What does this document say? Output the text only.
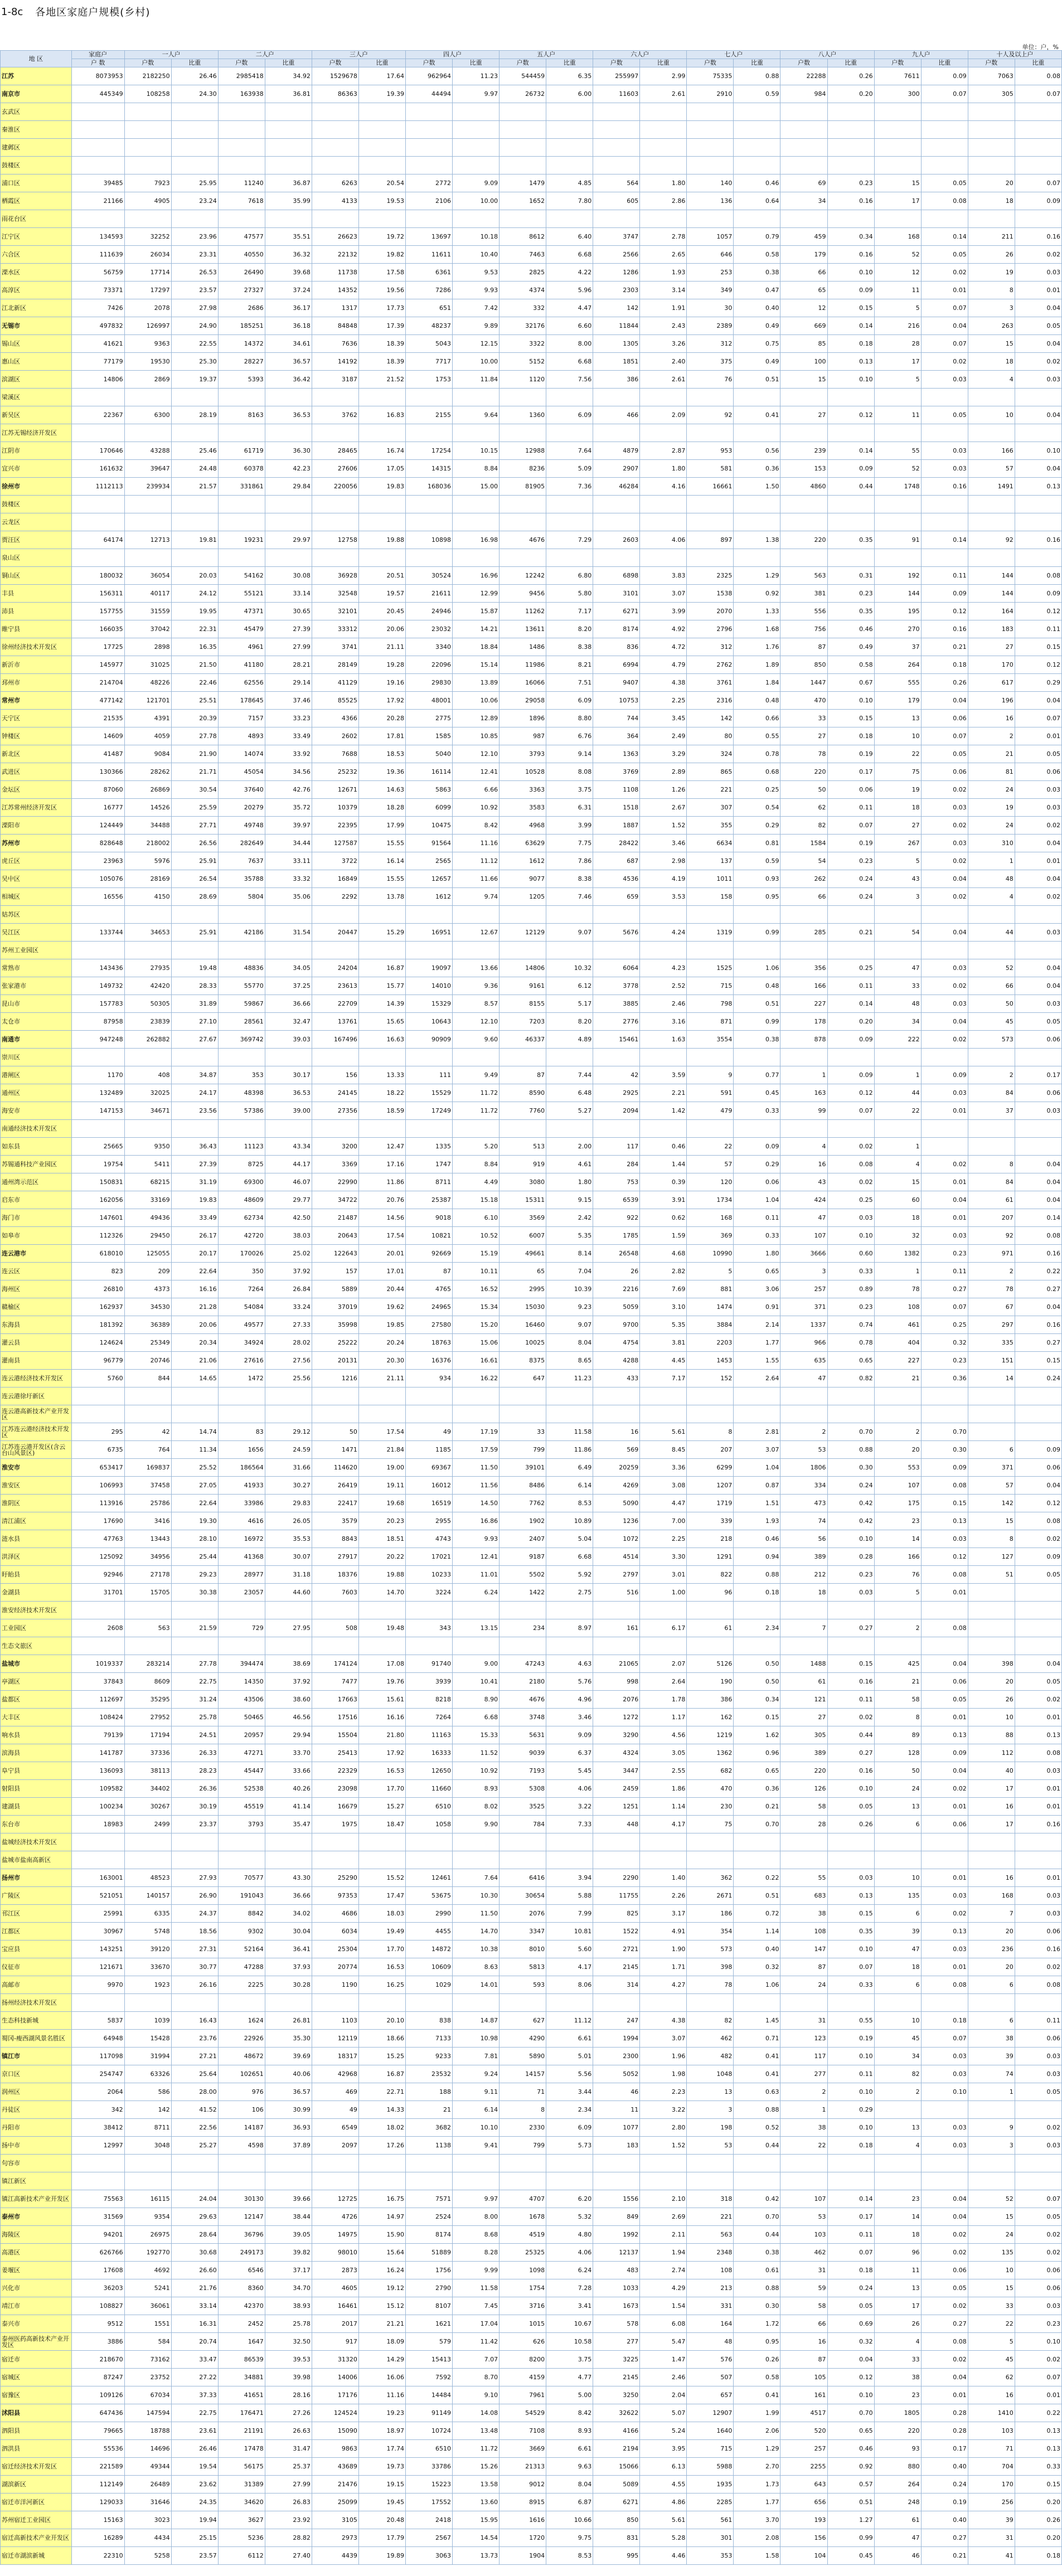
1-8c 各地区家庭户规模(乡村)
单位：户，%
地 区	家庭户	一人户		二人户		三人户		四人户		五人户		六人户		七人户		八人户		九人户		十人及以上户	
	户 数	户数	比重	户数	比重	户数	比重	户数	比重	户数	比重	户数	比重	户数	比重	户数	比重	户数	比重	户数	比重
江苏	8073953	2182250	26.46	2985418	34.92	1529678	17.64	962964	11.23	544459	6.35	255997	2.99	75335	0.88	22288	0.26	7611	0.09	7063	0.08
南京市	445349	108258	24.30	163938	36.81	86363	19.39	44494	9.97	26732	6.00	11603	2.61	2910	0.59	984	0.20	300	0.07	305	0.07
玄武区																					
秦淮区																					
建邺区																					
鼓楼区																					
浦口区	39485	7923	25.95	11240	36.87	6263	20.54	2772	9.09	1479	4.85	564	1.80	140	0.46	69	0.23	15	0.05	20	0.07
栖霞区	21166	4905	23.24	7618	35.99	4133	19.53	2106	10.00	1652	7.80	605	2.86	136	0.64	34	0.16	17	0.08	18	0.09
雨花台区																					
江宁区	134593	32252	23.96	47577	35.51	26623	19.72	13697	10.18	8612	6.40	3747	2.78	1057	0.79	459	0.34	168	0.14	211	0.16
六合区	111639	26034	23.31	40550	36.32	22132	19.82	11611	10.40	7463	6.68	2566	2.65	646	0.58	179	0.16	52	0.05	26	0.02
溧水区	56759	17714	26.53	26490	39.68	11738	17.58	6361	9.53	2825	4.22	1286	1.93	253	0.38	66	0.10	12	0.02	19	0.03
高淳区	73371	17297	23.57	27327	37.24	14352	19.56	7286	9.93	4374	5.96	2303	3.14	349	0.47	65	0.09	11	0.01	8	0.01
江北新区	7426	2078	27.98	2686	36.17	1317	17.73	651	7.42	332	4.47	142	1.91	30	0.40	12	0.15	5	0.07	3	0.04
无锡市	497832	126997	24.90	185251	36.18	84848	17.39	48237	9.89	32176	6.60	11844	2.43	2389	0.49	669	0.14	216	0.04	263	0.05
锡山区	41621	9363	22.55	14372	34.61	7636	18.39	5043	12.15	3322	8.00	1305	3.26	312	0.75	85	0.18	28	0.07	15	0.04
惠山区	77179	19530	25.30	28227	36.57	14192	18.39	7717	10.00	5152	6.68	1851	2.40	375	0.49	100	0.13	17	0.02	18	0.02
滨湖区	14806	2869	19.37	5393	36.42	3187	21.52	1753	11.84	1120	7.56	386	2.61	76	0.51	15	0.10	5	0.03	4	0.03
梁溪区																					
新吴区	22367	6300	28.19	8163	36.53	3762	16.83	2155	9.64	1360	6.09	466	2.09	92	0.41	27	0.12	11	0.05	10	0.04
江苏无锡经济开发区																					
江阴市	170646	43288	25.46	61719	36.30	28465	16.74	17254	10.15	12988	7.64	4879	2.87	953	0.56	239	0.14	55	0.03	166	0.10
宜兴市	161632	39647	24.48	60378	42.23	27606	17.05	14315	8.84	8236	5.09	2907	1.80	581	0.36	153	0.09	52	0.03	57	0.04
徐州市	1112113	239934	21.57	331861	29.84	220056	19.83	168036	15.00	81905	7.36	46284	4.16	16661	1.50	4860	0.44	1748	0.16	1491	0.13
鼓楼区																					
云龙区																					
贾汪区	64174	12713	19.81	19231	29.97	12758	19.88	10898	16.98	4676	7.29	2603	4.06	897	1.38	220	0.35	91	0.14	92	0.16
泉山区																					
铜山区	180032	36054	20.03	54162	30.08	36928	20.51	30524	16.96	12242	6.80	6898	3.83	2325	1.29	563	0.31	192	0.11	144	0.08
丰县	156311	40117	24.12	55121	33.14	32548	19.57	21611	12.99	9456	5.80	3101	3.07	1538	0.92	381	0.23	144	0.09	144	0.09
沛县	157755	31559	19.95	47371	30.65	32101	20.45	24946	15.87	11262	7.17	6271	3.99	2070	1.33	556	0.35	195	0.12	164	0.12
睢宁县	166035	37042	22.31	45479	27.39	33312	20.06	23032	14.21	13611	8.20	8174	4.92	2796	1.68	756	0.46	270	0.16	183	0.11
徐州经济技术开发区	17725	2898	16.35	4961	27.99	3741	21.11	3340	18.84	1486	8.38	836	4.72	312	1.76	87	0.49	37	0.21	27	0.15
新沂市	145977	31025	21.50	41180	28.21	28149	19.28	22096	15.14	11986	8.21	6994	4.79	2762	1.89	850	0.58	264	0.18	170	0.12
邳州市	214704	48226	22.46	62556	29.14	41129	19.16	29830	13.89	16066	7.51	9407	4.38	3761	1.84	1447	0.67	555	0.26	617	0.29
常州市	477142	121701	25.51	178645	37.46	85525	17.92	48001	10.06	29058	6.09	10753	2.25	2316	0.48	470	0.10	179	0.04	196	0.04
天宁区	21535	4391	20.39	7157	33.23	4366	20.28	2775	12.89	1896	8.80	744	3.45	142	0.66	33	0.15	13	0.06	16	0.07
钟楼区	14609	4059	27.78	4893	33.49	2602	17.81	1585	10.85	987	6.76	364	2.49	80	0.55	27	0.18	10	0.07	2	0.01
新北区	41487	9084	21.90	14074	33.92	7688	18.53	5040	12.10	3793	9.14	1363	3.29	324	0.78	78	0.19	22	0.05	21	0.05
武进区	130366	28262	21.71	45054	34.56	25232	19.36	16114	12.41	10528	8.08	3769	2.89	865	0.68	220	0.17	75	0.06	81	0.06
金坛区	87060	26869	30.54	37640	42.76	12671	14.63	5863	6.66	3363	3.75	1108	1.26	221	0.25	50	0.06	19	0.02	24	0.03
江苏常州经济开发区	16777	14526	25.59	20279	35.72	10379	18.28	6099	10.92	3583	6.31	1518	2.67	307	0.54	62	0.11	18	0.03	19	0.03
溧阳市	124449	34488	27.71	49748	39.97	22395	17.99	10475	8.42	4968	3.99	1887	1.52	355	0.29	82	0.07	27	0.02	24	0.02
苏州市	828648	218002	26.56	282649	34.44	127587	15.55	91564	11.16	63629	7.75	28422	3.46	6634	0.81	1584	0.19	267	0.03	310	0.04
虎丘区	23963	5976	25.91	7637	33.11	3722	16.14	2565	11.12	1612	7.86	687	2.98	137	0.59	54	0.23	5	0.02	1	0.01
吴中区	105076	28169	26.54	35788	33.32	16849	15.55	12657	11.66	9077	8.38	4536	4.19	1011	0.93	262	0.24	43	0.04	48	0.04
相城区	16556	4150	28.69	5804	35.06	2292	13.78	1612	9.74	1205	7.46	659	3.53	158	0.95	66	0.24	3	0.02	4	0.02
姑苏区																					
吴江区	133744	34653	25.91	42186	31.54	20447	15.29	16951	12.67	12129	9.07	5676	4.24	1319	0.99	285	0.21	54	0.04	44	0.03
苏州工业园区																					
常熟市	143436	27935	19.48	48836	34.05	24204	16.87	19097	13.66	14806	10.32	6064	4.23	1525	1.06	356	0.25	47	0.03	52	0.04
张家港市	149732	42420	28.33	55770	37.25	23613	15.77	14010	9.36	9161	6.12	3778	2.52	715	0.48	166	0.11	33	0.02	66	0.04
昆山市	157783	50305	31.89	59867	36.66	22709	14.39	15329	8.57	8155	5.17	3885	2.46	798	0.51	227	0.14	48	0.03	50	0.03
太仓市	87958	23839	27.10	28561	32.47	13761	15.65	10643	12.10	7203	8.20	2776	3.16	871	0.99	178	0.20	34	0.04	45	0.05
南通市	947248	262882	27.67	369742	39.03	167496	16.63	90909	9.60	46337	4.89	15461	1.63	3554	0.38	878	0.09	222	0.02	573	0.06
崇川区																					
港闸区	1170	408	34.87	353	30.17	156	13.33	111	9.49	87	7.44	42	3.59	9	0.77	1	0.09	1	0.09	2	0.17
通州区	132489	32025	24.17	48398	36.53	24145	18.22	15529	11.72	8590	6.48	2925	2.21	591	0.45	163	0.12	44	0.03	84	0.06
海安市	147153	34671	23.56	57386	39.00	27356	18.59	17249	11.72	7760	5.27	2094	1.42	479	0.33	99	0.07	22	0.01	37	0.03
南通经济技术开发区																					
如东县	25665	9350	36.43	11123	43.34	3200	12.47	1335	5.20	513	2.00	117	0.46	22	0.09	4	0.02	1			
苏锡通科技产业园区	19754	5411	27.39	8725	44.17	3369	17.16	1747	8.84	919	4.61	284	1.44	57	0.29	16	0.08	4	0.02	8	0.04
通州湾示范区	150831	68215	31.19	69300	46.07	22990	11.86	8711	4.49	3080	1.80	753	0.39	120	0.06	43	0.02	15	0.01	84	0.04
启东市	162056	33169	19.83	48609	29.77	34722	20.76	25387	15.18	15311	9.15	6539	3.91	1734	1.04	424	0.25	60	0.04	61	0.04
海门市	147601	49436	33.49	62734	42.50	21487	14.56	9018	6.10	3569	2.42	922	0.62	168	0.11	47	0.03	18	0.01	207	0.14
如皋市	112326	29450	26.17	42720	38.03	20643	17.54	10821	10.52	6007	5.35	1785	1.59	369	0.33	107	0.10	32	0.03	92	0.08
连云港市	618010	125055	20.17	170026	25.02	122643	20.01	92669	15.19	49661	8.14	26548	4.68	10990	1.80	3666	0.60	1382	0.23	971	0.16
连云区	823	209	22.64	350	37.92	157	17.01	87	10.11	65	7.04	26	2.82	5	0.65	3	0.33	1	0.11	2	0.22
海州区	26810	4373	16.16	7264	26.84	5889	20.44	4765	16.52	2995	10.39	2216	7.69	881	3.06	257	0.89	78	0.27	78	0.27
赣榆区	162937	34530	21.28	54084	33.24	37019	19.62	24965	15.34	15030	9.23	5059	3.10	1474	0.91	371	0.23	108	0.07	67	0.04
东海县	181392	36389	20.06	49577	27.33	35998	19.85	27580	15.20	16460	9.07	9700	5.35	3884	2.14	1337	0.74	461	0.25	297	0.16
灌云县	124624	25349	20.34	34924	28.02	25222	20.24	18763	15.06	10025	8.04	4754	3.81	2203	1.77	966	0.78	404	0.32	335	0.27
灌南县	96779	20746	21.06	27616	27.56	20131	20.30	16376	16.61	8375	8.65	4288	4.45	1453	1.55	635	0.65	227	0.23	151	0.15
连云港经济技术开发区	5760	844	14.65	1472	25.56	1216	21.11	934	16.22	647	11.23	433	7.17	152	2.64	47	0.82	21	0.36	14	0.24
连云港徐圩新区																					
连云港高新技术产业开发区																					
江苏连云港经济技术开发区	295	42	14.74	83	29.12	50	17.54	49	17.19	33	11.58	16	5.61	8	2.81	2	0.70	2	0.70		
江苏连云港开发区(含云台山风景区)	6735	764	11.34	1656	24.59	1471	21.84	1185	17.59	799	11.86	569	8.45	207	3.07	53	0.88	20	0.30	6	0.09
淮安市	653417	169837	25.52	186564	31.66	114620	19.00	69367	11.50	39101	6.49	20259	3.36	6299	1.04	1806	0.30	553	0.09	371	0.06
淮安区	106993	37458	27.05	41933	30.27	26419	19.11	16012	11.56	8486	6.14	4269	3.08	1207	0.87	334	0.24	107	0.08	57	0.04
淮阴区	113916	25786	22.64	33986	29.83	22417	19.68	16519	14.50	7762	8.53	5090	4.47	1719	1.51	473	0.42	175	0.15	142	0.12
清江浦区	17690	3416	19.30	4616	26.05	3579	20.23	2955	16.86	1902	10.89	1236	7.00	339	1.93	74	0.42	23	0.13	15	0.08
涟水县	47763	13443	28.10	16972	35.53	8843	18.51	4743	9.93	2407	5.04	1072	2.25	218	0.46	56	0.10	14	0.03	8	0.02
洪泽区	125092	34956	25.44	41368	30.07	27917	20.22	17021	12.41	9187	6.68	4514	3.30	1291	0.94	389	0.28	166	0.12	127	0.09
盱眙县	92946	27178	29.23	28977	31.18	18376	19.88	10233	11.01	5502	5.92	2797	3.01	822	0.88	212	0.23	76	0.08	51	0.05
金湖县	31701	15705	30.38	23057	44.60	7603	14.70	3224	6.24	1422	2.75	516	1.00	96	0.18	18	0.03	5	0.01		
淮安经济技术开发区																					
工业园区	2608	563	21.59	729	27.95	508	19.48	343	13.15	234	8.97	161	6.17	61	2.34	7	0.27	2	0.08		
生态文旅区																					
盐城市	1019337	283214	27.78	394474	38.69	174124	17.08	91740	9.00	47243	4.63	21065	2.07	5126	0.50	1488	0.15	425	0.04	398	0.04
亭湖区	37843	8609	22.75	14350	37.92	7477	19.76	3939	10.41	2180	5.76	998	2.64	190	0.50	61	0.16	21	0.06	20	0.05
盐都区	112697	35295	31.24	43506	38.60	17663	15.61	8218	8.90	4676	4.96	2076	1.78	386	0.34	121	0.11	58	0.05	26	0.02
大丰区	108424	27952	25.78	50465	46.56	17516	16.16	7264	6.68	3748	3.46	1272	1.17	162	0.15	27	0.02	8	0.01	10	0.01
响水县	79139	17194	24.51	20957	29.94	15504	21.80	11163	15.33	5631	9.09	3290	4.56	1219	1.62	305	0.44	89	0.13	88	0.13
滨海县	141787	37336	26.33	47271	33.70	25413	17.92	16333	11.52	9039	6.37	4324	3.05	1362	0.96	389	0.27	128	0.09	112	0.08
阜宁县	136093	38113	28.23	45447	33.66	22329	16.53	12650	10.92	7193	5.45	3447	2.55	682	0.65	220	0.16	50	0.04	40	0.03
射阳县	109582	34402	26.36	52538	40.26	23098	17.70	11660	8.93	5308	4.06	2459	1.86	470	0.36	126	0.10	24	0.02	17	0.01
建湖县	100234	30267	30.19	45519	41.14	16679	15.27	6510	8.02	3525	3.22	1251	1.14	230	0.21	58	0.05	13	0.01	16	0.01
东台市	18983	2499	23.37	3793	35.47	1975	18.47	1058	9.90	784	7.33	448	4.17	75	0.70	28	0.26	6	0.06	17	0.16
盐城经济技术开发区																					
盐城市盐南高新区																					
扬州市	163001	48523	27.93	70577	43.30	25290	15.52	12461	7.64	6416	3.94	2290	1.40	362	0.22	55	0.03	10	0.01	16	0.01
广陵区	521051	140157	26.90	191043	36.66	97353	17.47	53675	10.30	30654	5.88	11755	2.26	2671	0.51	683	0.13	135	0.03	168	0.03
邗江区	25991	6335	24.37	8842	34.02	4686	18.03	2990	11.50	2076	7.99	825	3.17	186	0.72	38	0.15	6	0.02	7	0.03
江都区	30967	5748	18.56	9302	30.04	6034	19.49	4455	14.70	3347	10.81	1522	4.91	354	1.14	108	0.35	39	0.13	20	0.06
宝应县	143251	39120	27.31	52164	36.41	25304	17.70	14872	10.38	8010	5.60	2721	1.90	573	0.40	147	0.10	47	0.03	236	0.16
仪征市	121671	33670	30.77	47288	37.93	20774	16.53	10609	8.63	5813	4.17	2145	1.71	398	0.32	87	0.07	18	0.01	20	0.02
高邮市	9970	1923	26.16	2225	30.28	1190	16.25	1029	14.01	593	8.06	314	4.27	78	1.06	24	0.33	6	0.08	6	0.08
扬州经济技术开发区																					
生态科技新城	5837	1039	16.43	1624	26.81	1103	20.10	838	14.87	627	11.12	247	4.38	82	1.45	31	0.55	10	0.18	6	0.11
蜀冈-瘦西湖风景名胜区	64948	15428	23.76	22926	35.30	12119	18.66	7133	10.98	4290	6.61	1994	3.07	462	0.71	123	0.19	45	0.07	38	0.06
镇江市	117098	31994	27.21	48672	39.69	18317	15.25	9233	7.81	5890	5.01	2300	1.96	482	0.41	117	0.10	34	0.03	39	0.03
京口区	254747	63326	25.64	102651	40.06	42968	16.87	23532	9.24	14157	5.56	5052	1.98	1048	0.41	277	0.11	82	0.03	74	0.03
润州区	2064	586	28.00	976	36.57	469	22.71	188	9.11	71	3.44	46	2.23	13	0.63	2	0.10	2	0.10	1	0.05
丹徒区	342	142	41.52	106	30.99	49	14.33	21	6.14	8	2.34	11	3.22	3	0.88	1	0.29				
丹阳市	38412	8711	22.56	14187	36.93	6549	18.02	3682	10.10	2330	6.09	1077	2.80	198	0.52	38	0.10	13	0.03	9	0.02
扬中市	12997	3048	25.27	4598	37.89	2097	17.26	1138	9.41	799	5.73	183	1.52	53	0.44	22	0.18	4	0.03	3	0.03
句容市																					
镇江新区																					
镇江高新技术产业开发区	75563	16115	24.04	30130	39.66	12725	16.75	7571	9.97	4707	6.20	1556	2.10	318	0.42	107	0.14	23	0.04	52	0.07
泰州市	31569	9354	29.63	12147	38.44	4726	14.97	2524	8.00	1678	5.32	849	2.69	221	0.70	53	0.17	14	0.04	15	0.05
海陵区	94201	26975	28.64	36796	39.05	14975	15.90	8174	8.68	4519	4.80	1992	2.11	563	0.44	103	0.11	18	0.02	24	0.02
高港区	626766	192770	30.68	249173	39.82	98010	15.64	51889	8.28	25325	4.06	12137	1.94	2348	0.38	462	0.07	96	0.02	135	0.02
姜堰区	17608	4692	26.60	6546	37.17	2873	16.24	1756	9.99	1098	6.24	483	2.74	108	0.61	31	0.18	11	0.06	10	0.06
兴化市	36203	5241	21.76	8360	34.70	4605	19.12	2790	11.58	1754	7.28	1033	4.29	213	0.88	59	0.24	13	0.05	15	0.06
靖江市	108827	36061	33.14	42370	38.93	16461	15.12	8107	7.45	3716	3.41	1673	1.54	331	0.30	58	0.05	17	0.02	33	0.03
泰兴市	9512	1551	16.31	2452	25.78	2017	21.21	1621	17.04	1015	10.67	578	6.08	164	1.72	66	0.69	26	0.27	22	0.23
泰州医药高新技术产业开发区	3886	584	20.74	1647	32.50	917	18.09	579	11.42	626	10.58	277	5.47	48	0.95	16	0.32	4	0.08	5	0.10
宿迁市	218670	73162	33.47	86539	39.53	31320	14.29	15413	7.07	8200	3.75	3225	1.47	576	0.26	87	0.04	33	0.02	45	0.02
宿城区	87247	23752	27.22	34881	39.98	14006	16.06	7592	8.70	4159	4.77	2145	2.46	507	0.58	105	0.12	38	0.04	62	0.07
宿豫区	109126	67034	37.33	41651	28.16	17176	11.16	14484	9.10	7961	5.00	3250	2.04	657	0.41	161	0.10	23	0.01	16	0.01
沭阳县	647436	147594	22.75	176471	27.26	124524	19.23	91149	14.08	54529	8.42	32622	5.07	12907	1.99	4517	0.70	1805	0.28	1410	0.22
泗阳县	79665	18788	23.61	21191	26.63	15090	18.97	10724	13.48	7108	8.93	4166	5.24	1640	2.06	520	0.65	220	0.28	103	0.13
泗洪县	55536	14696	26.46	17478	31.47	9863	17.74	6510	11.72	3669	6.61	2194	3.95	715	1.29	257	0.46	93	0.17	71	0.13
宿迁经济技术开发区	221589	49344	19.54	56175	25.37	43689	19.73	33786	15.26	21313	9.63	15066	6.13	5988	2.70	2255	0.92	880	0.40	704	0.33
湖滨新区	112149	26489	23.62	31389	27.99	21476	19.15	15223	13.58	9012	8.04	5089	4.55	1935	1.73	643	0.57	264	0.24	170	0.15
宿迁市洋河新区	129033	31646	24.35	34620	26.83	25099	19.45	17552	13.60	8915	6.87	6271	4.86	2285	1.77	656	0.51	248	0.19	256	0.20
苏州宿迁工业园区	15163	3023	19.94	3627	23.92	3105	20.48	2418	15.95	1616	10.66	850	5.61	561	3.70	193	1.27	61	0.40	39	0.26
宿迁高新技术产业开发区	16289	4434	25.15	5236	28.82	2973	17.79	2567	14.54	1720	9.75	831	5.28	301	2.08	156	0.99	47	0.27	31	0.20
宿迁市湖滨新城	22310	5258	23.57	6112	27.40	4439	19.89	3063	13.73	1904	8.53	995	4.46	353	1.58	104	0.45	46	0.21	41	0.18
